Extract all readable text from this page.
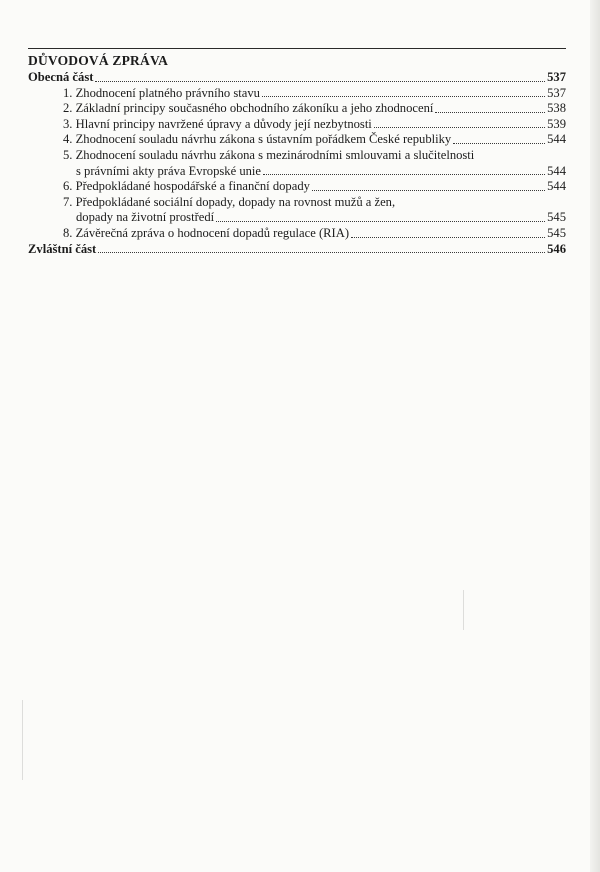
DŮVODOVÁ ZPRÁVA
Obecná část	537
1. Zhodnocení platného právního stavu	537
2. Základní principy současného obchodního zákoníku a jeho zhodnocení	538
3. Hlavní principy navržené úpravy a důvody její nezbytnosti	539
4. Zhodnocení souladu návrhu zákona s ústavním pořádkem České republiky	544
5. Zhodnocení souladu návrhu zákona s mezinárodními smlouvami a slučitelnosti
s právními akty práva Evropské unie	544
6. Předpokládané hospodářské a finanční dopady	544
7. Předpokládané sociální dopady, dopady na rovnost mužů a žen,
dopady na životní prostředí	545
8. Závěrečná zpráva o hodnocení dopadů regulace (RIA)	545
Zvláštní část	546
